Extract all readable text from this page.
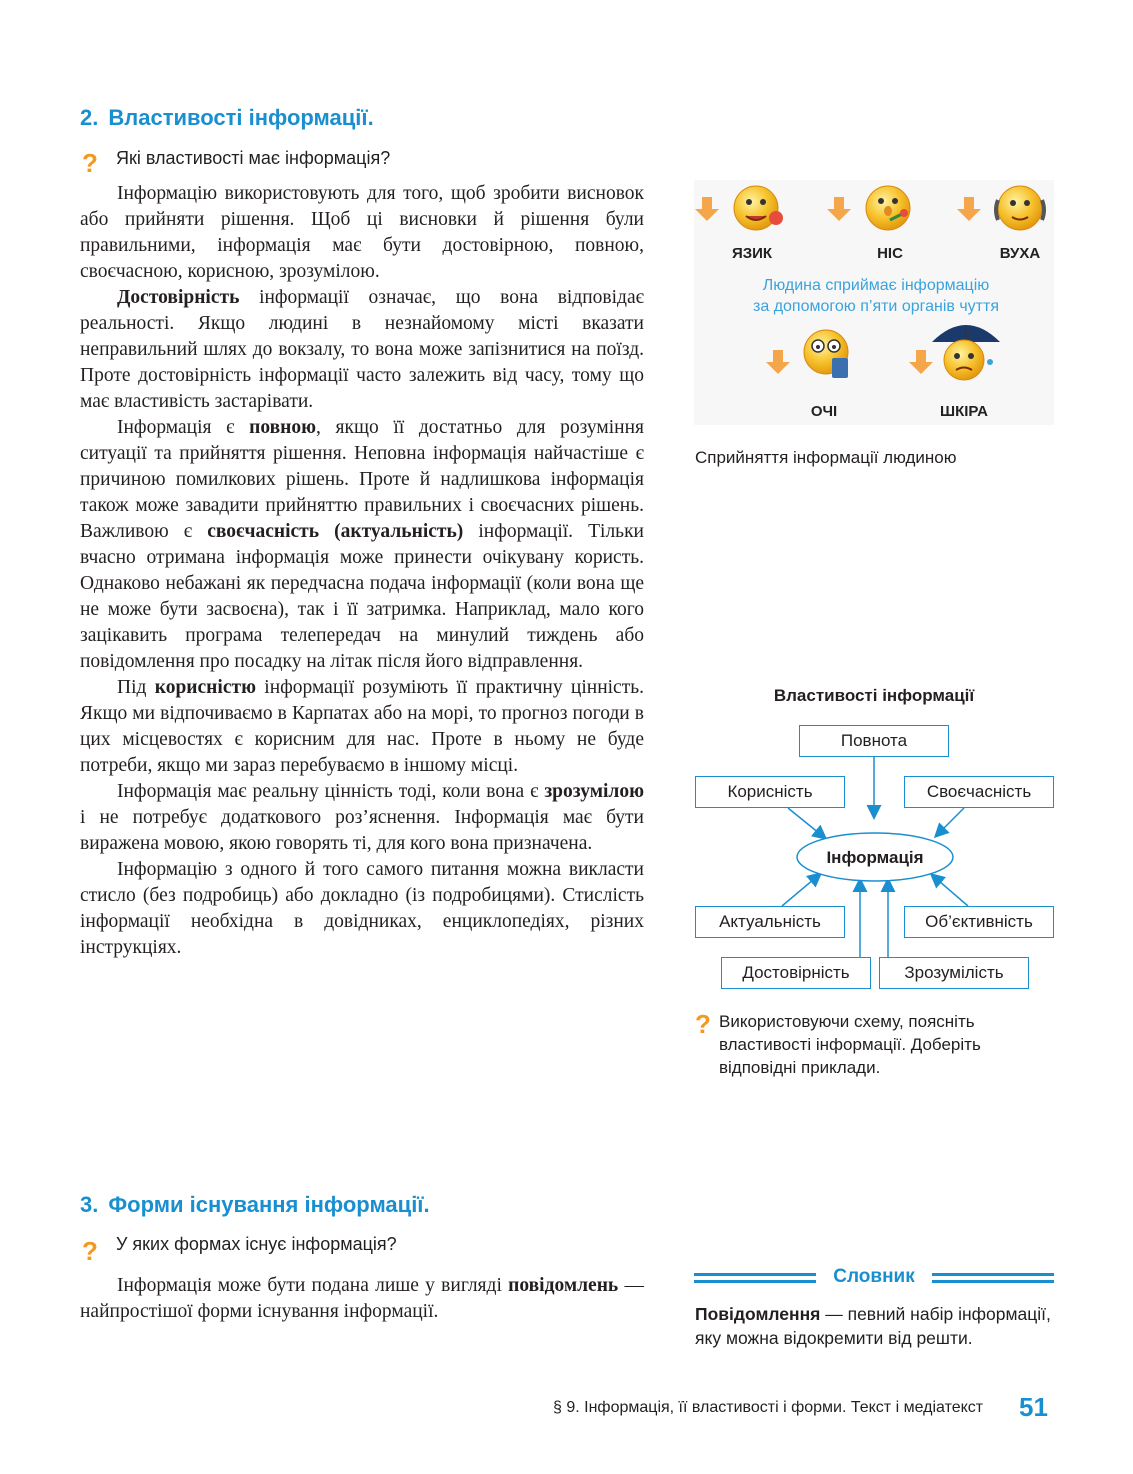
2. Властивості інформації.
? Які властивості має інформація?

Інформацію використовують для того, щоб зробити висновок або прийняти рішення. Щоб ці висновки й рішення були правильними, інформація має бути достовірною, повною, своєчасною, корисною, зрозумілою.

Достовірність інформації означає, що вона відповідає реальності. Якщо людині в незнайомому місті вказати неправильний шлях до вокзалу, то вона може запізнитися на поїзд. Проте достовірність інформації часто залежить від часу, тому що має властивість застарівати.

Інформація є повною, якщо її достатньо для розуміння ситуації та прийняття рішення. Неповна інформація найчастіше є причиною помилкових рішень. Проте й надлишкова інформація також може завадити прийняттю правильних і своєчасних рішень. Важливою є своєчасність (актуальність) інформації. Тільки вчасно отримана інформація може принести очікувану користь. Однаково небажані як передчасна подача інформації (коли вона ще не може бути засвоєна), так і її затримка. Наприклад, мало кого зацікавить програма телепередач на минулий тиждень або повідомлення про посадку на літак після його відправлення.

Під корисністю інформації розуміють її практичну цінність. Якщо ми відпочиваємо в Карпатах або на морі, то прогноз погоди в цих місцевостях є корисним для нас. Проте в ньому не буде потреби, якщо ми зараз перебуваємо в іншому місці.

Інформація має реальну цінність тоді, коли вона є зрозумілою і не потребує додаткового роз’яснення. Інформація має бути виражена мовою, якою говорять ті, для кого вона призначена.

Інформацію з одного й того самого питання можна викласти стисло (без подробиць) або докладно (із подробицями). Стислість інформації необхідна в довідниках, енциклопедіях, різних інструкціях.

3. Форми існування інформації.
? У яких формах існує інформація?

Інформація може бути подана лише у вигляді повідомлень — найпростішої форми існування інформації.

ЯЗИК	НІС	ВУХА
ОЧІ	ШКІРА
Людина сприймає інформацію
за допомогою п’яти органів чуття
Сприйняття інформації людиною
Властивості інформації
Інформація
Повнота
Корисність	Своєчасність
Актуальність	Об’єктивність
Достовірність	Зрозумілість
? Використовуючи схему, поясніть властивості інформації. Доберіть відповідні приклади.
Словник
Повідомлення — певний набір інформації, яку можна відокремити від решти.
§ 9. Інформація, її властивості і форми. Текст і медіатекст 51
